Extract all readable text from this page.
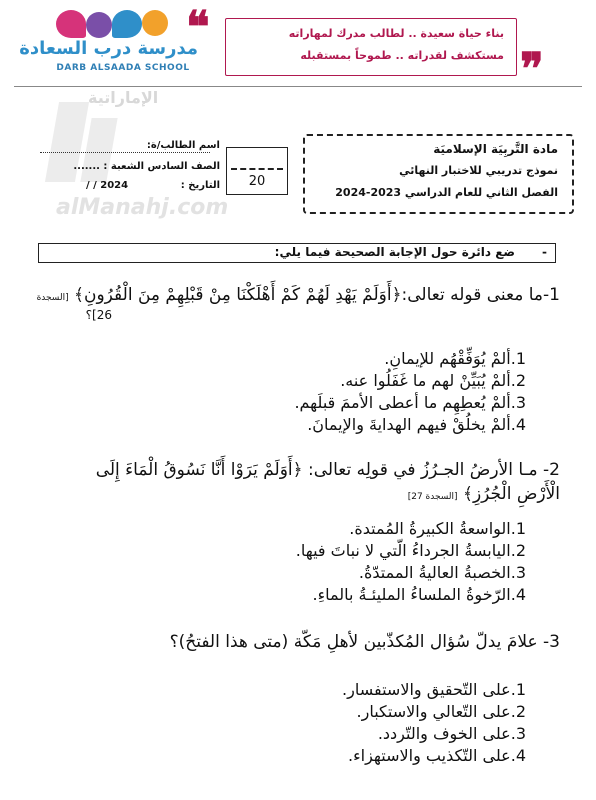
مدرسة درب السعادة
DARB ALSAADA SCHOOL
❝	بناء حياة سعيدة .. لطالب مدرك لمهاراته
مستكشف لقدراته .. طموحاً بمستقبله ❞
الإماراتية
alManahj.com
مادة التَّربِيَة الإسلاميَة
نموذج تدريبي للاختبار النهائي
الفصل الثاني للعام الدراسي 2023-2024
20
اسم الطالب/ة:
الصف السادس الشعبة : .......
التاريخ :
/ / 2024
-
ضع دائرة حول الإجابة الصحيحة فيما يلي:
1-ما معنى قوله تعالى:﴿أَوَلَمْ يَهْدِ لَهُمْ كَمْ أَهْلَكْنَا مِنْ قَبْلِهِمْ مِنَ الْقُرُونِ﴾ [السجدة
26]؟
1.ألمْ يُوَفِّقْهُم للإيمانِ.
2.ألمْ يُبَيِّنْ لهم ما غَفَلُوا عنه.
3.ألمْ يُعطِهِم ما أعطى الأممَ قبلَهم.
4.ألمْ يخلُقْ فيهم الهدايةَ والإيمانَ.
2- مـا الأرضُ الجـرُزُ في قولِه تعالى: ﴿أَوَلَمْ يَرَوْا أَنَّا نَسُوقُ الْمَاءَ إِلَى
الْأَرْضِ الْجُرُزِ﴾ [السجدة 27]
1.الواسعةُ الكبيرةُ المُمتدة.
2.اليابسةُ الجرداءُ الّتي لا نباتَ فيها.
3.الخصبةُ العاليةُ الممتدّةُ.
4.الرّخوةُ الملساءُ المليئـةُ بالماءِ.
3- علامَ يدلّ سُؤال المُكذّبين لأهلِ مَكّة (متى هذا الفتحُ)؟
1.على التّحقيق والاستفسار.
2.على التّعالي والاستكبار.
3.على الخوف والتّردد.
4.على التّكذيب والاستهزاء.
